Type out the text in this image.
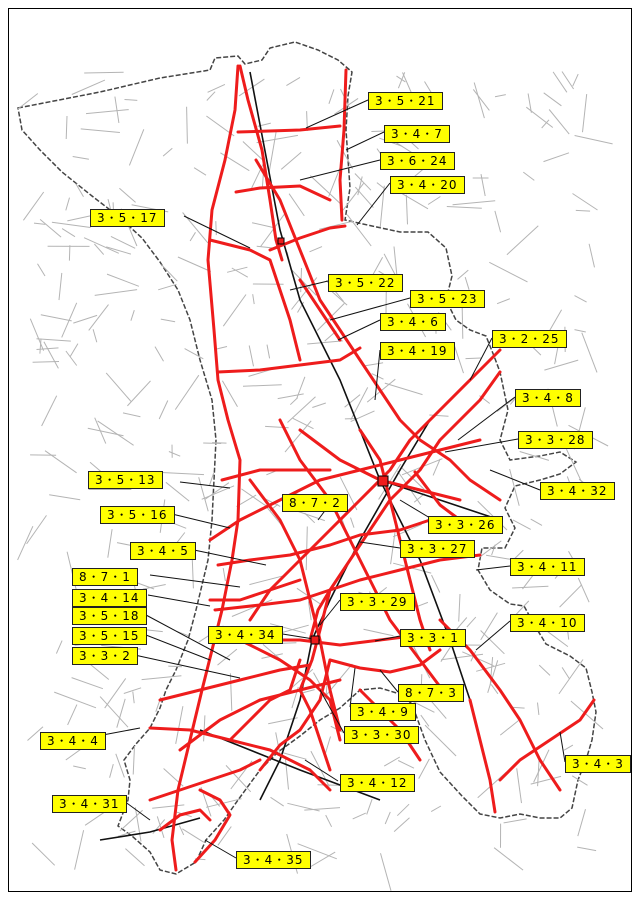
3・5・21
3・4・7
3・6・24
3・4・20
3・5・17
3・5・22
3・5・23
3・4・6
3・2・25
3・4・19
3・4・8
3・3・28
3・4・32
3・5・13
8・7・2
3・5・16
3・3・26
3・3・27
3・4・5
3・4・11
8・7・1
3・4・14	3・3・29
3・4・10
3・5・18
3・4・34	3・3・1
3・5・15
3・3・2
8・7・3
3・4・9
3・4・4	3・3・30
3・4・3
3・4・12
3・4・31
3・4・35
